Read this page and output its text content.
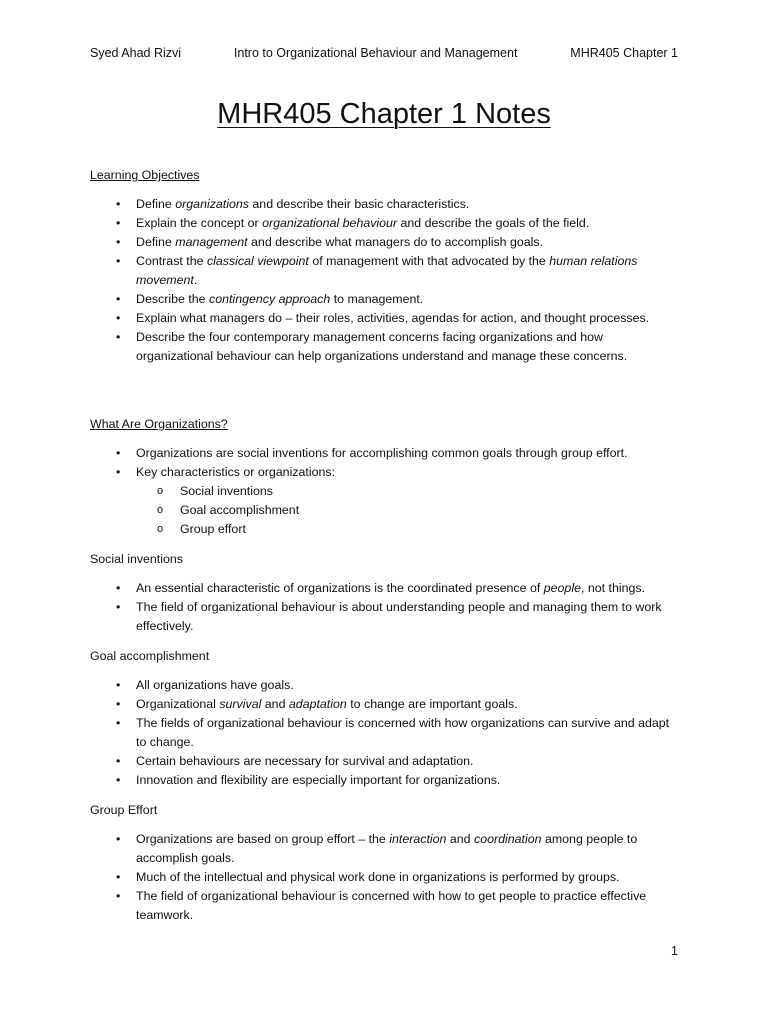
Syed Ahad Rizvi	Intro to Organizational Behaviour and Management	MHR405 Chapter 1
MHR405 Chapter 1 Notes
Learning Objectives
• Define organizations and describe their basic characteristics.
• Explain the concept or organizational behaviour and describe the goals of the field.
• Define management and describe what managers do to accomplish goals.
• Contrast the classical viewpoint of management with that advocated by the human relations movement.
• Describe the contingency approach to management.
• Explain what managers do – their roles, activities, agendas for action, and thought processes.
• Describe the four contemporary management concerns facing organizations and how organizational behaviour can help organizations understand and manage these concerns.
What Are Organizations?
• Organizations are social inventions for accomplishing common goals through group effort.
• Key characteristics or organizations:
o Social inventions
o Goal accomplishment
o Group effort
Social inventions
• An essential characteristic of organizations is the coordinated presence of people, not things.
• The field of organizational behaviour is about understanding people and managing them to work effectively.
Goal accomplishment
• All organizations have goals.
• Organizational survival and adaptation to change are important goals.
• The fields of organizational behaviour is concerned with how organizations can survive and adapt to change.
• Certain behaviours are necessary for survival and adaptation.
• Innovation and flexibility are especially important for organizations.
Group Effort
• Organizations are based on group effort – the interaction and coordination among people to accomplish goals.
• Much of the intellectual and physical work done in organizations is performed by groups.
• The field of organizational behaviour is concerned with how to get people to practice effective teamwork.
1
